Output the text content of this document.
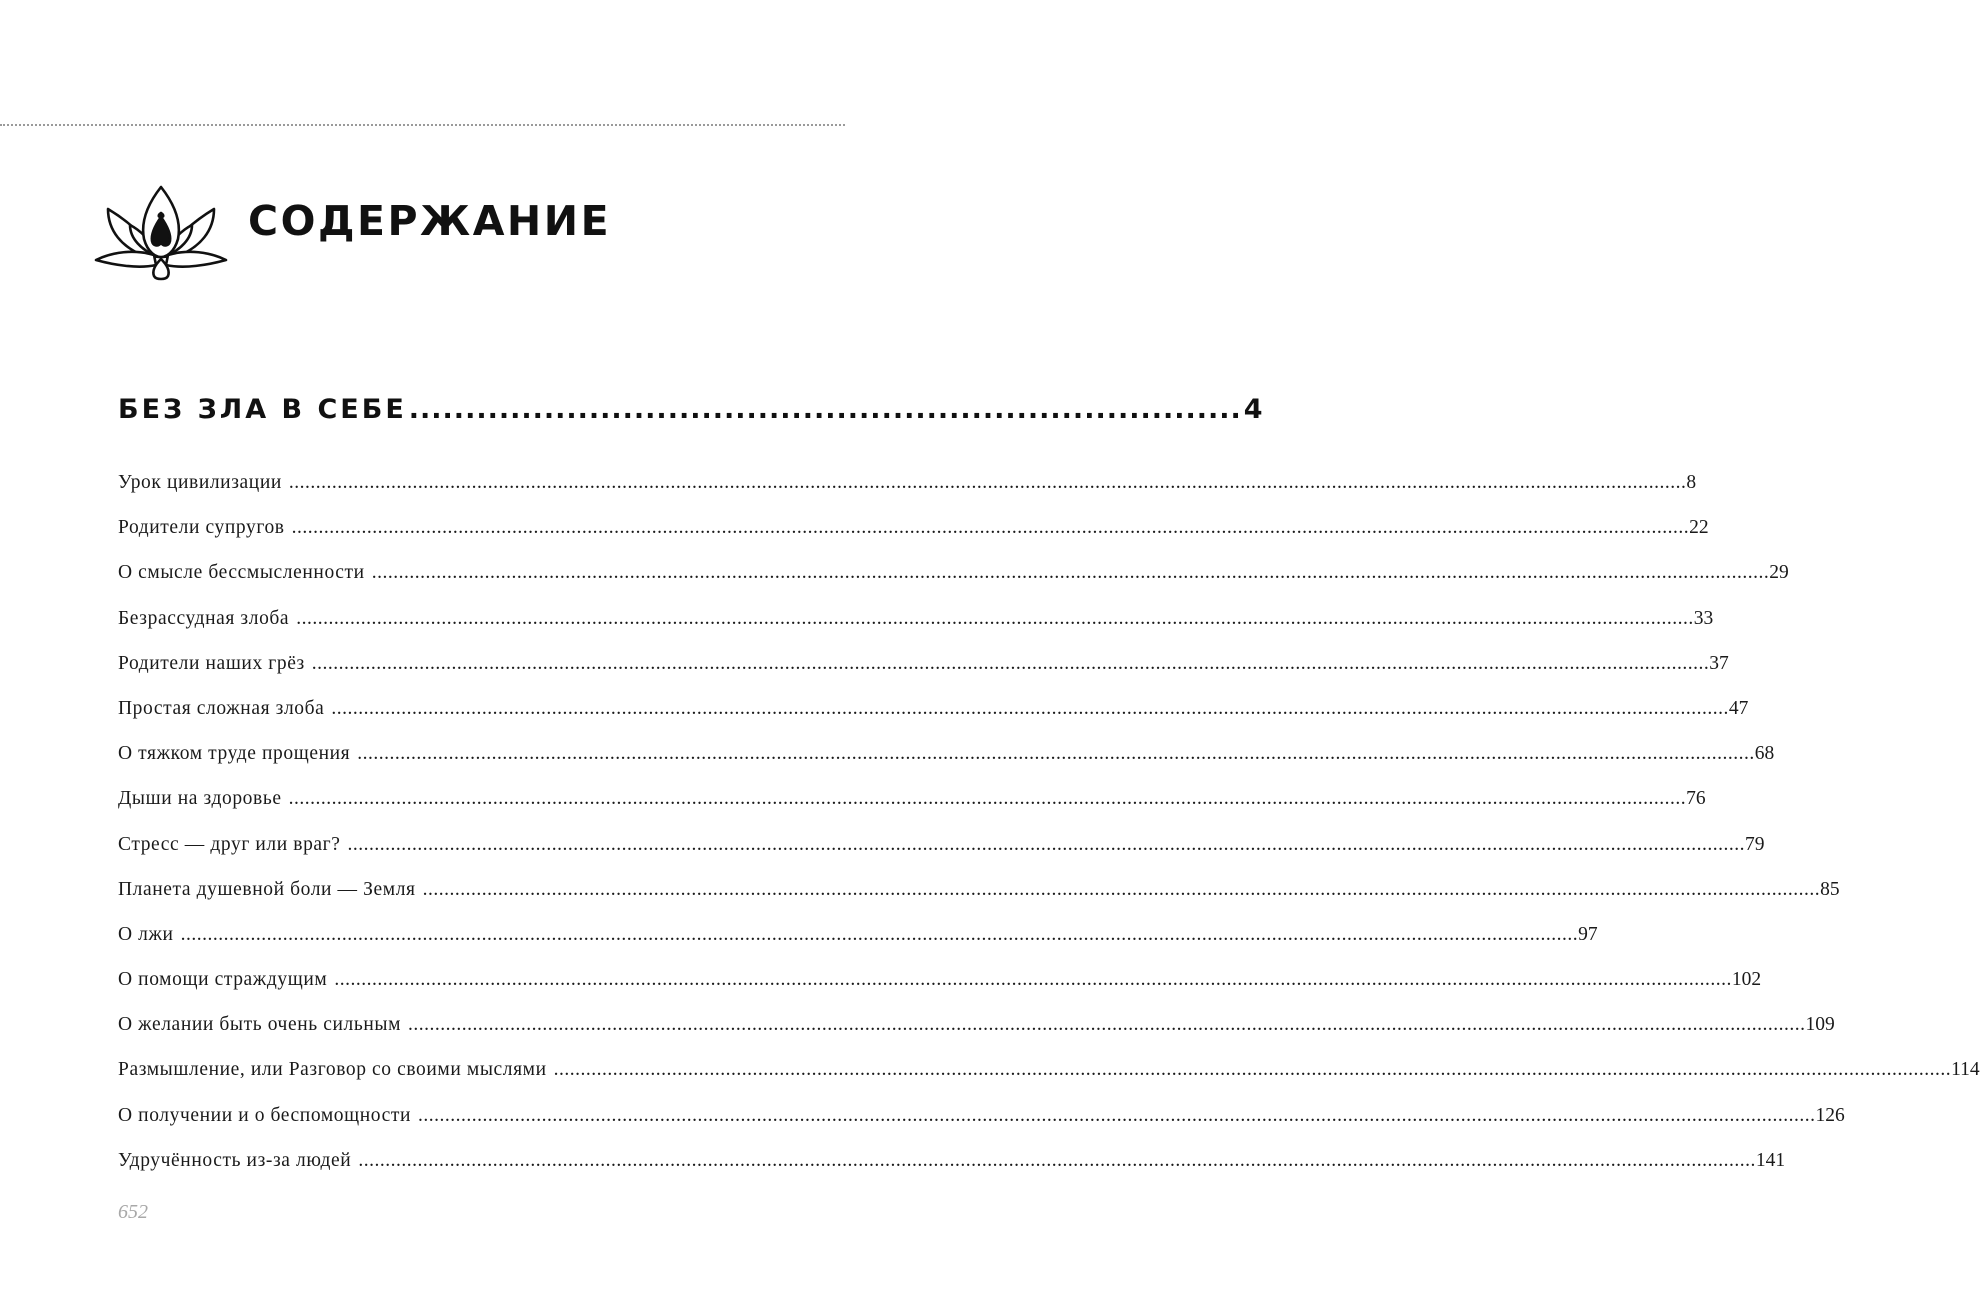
СОДЕРЖАНИЕ
БЕЗ ЗЛА В СЕБЕ .......................................................................... 4
Урок цивилизации .................................................................................................................................................................................................................................................................... 8
Родители супругов .................................................................................................................................................................................................................................................................... 22
О смысле бессмысленности .................................................................................................................................................................................................................................................................... 29
Безрассудная злоба .................................................................................................................................................................................................................................................................... 33
Родители наших грёз .................................................................................................................................................................................................................................................................... 37
Простая сложная злоба .................................................................................................................................................................................................................................................................... 47
О тяжком труде прощения .................................................................................................................................................................................................................................................................... 68
Дыши на здоровье .................................................................................................................................................................................................................................................................... 76
Стресс — друг или враг? .................................................................................................................................................................................................................................................................... 79
Планета душевной боли — Земля .................................................................................................................................................................................................................................................................... 85
О лжи .................................................................................................................................................................................................................................................................... 97
О помощи страждущим .................................................................................................................................................................................................................................................................... 102
О желании быть очень сильным .................................................................................................................................................................................................................................................................... 109
Размышление, или Разговор со своими мыслями .................................................................................................................................................................................................................................................................... 114
О получении и о беспомощности .................................................................................................................................................................................................................................................................... 126
Удручённость из-за людей .................................................................................................................................................................................................................................................................... 141
652
